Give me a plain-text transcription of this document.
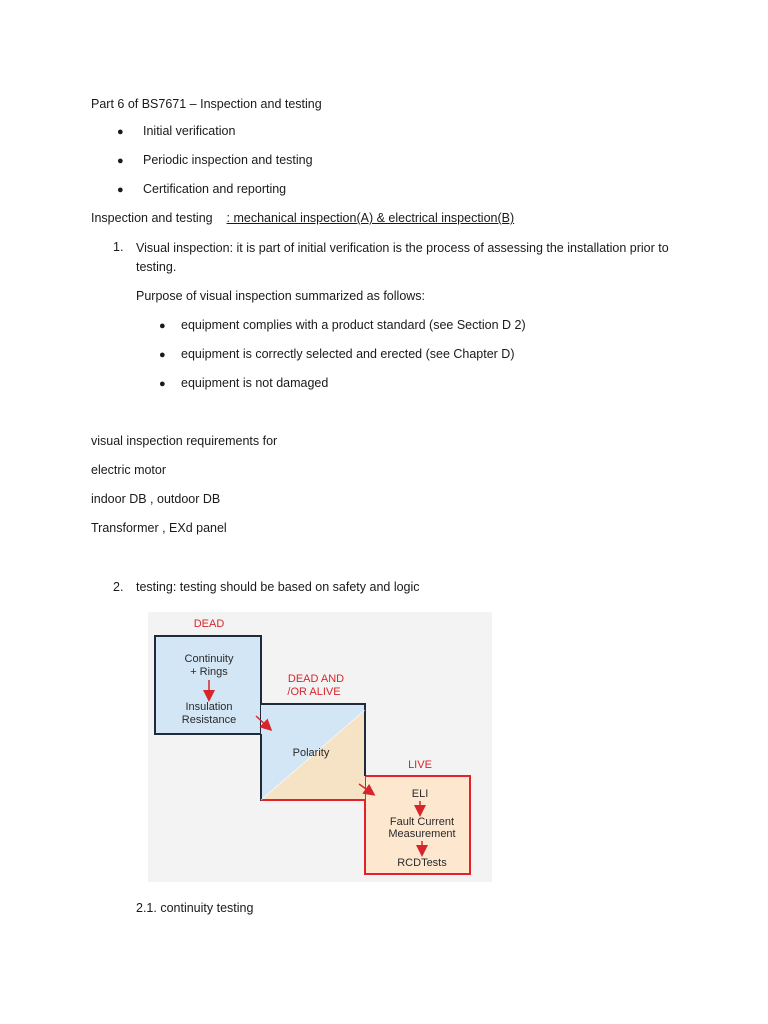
Part 6 of BS7671 – Inspection and testing
● Initial verification
● Periodic inspection and testing
● Certification and reporting
Inspection and testing : mechanical inspection(A) & electrical inspection(B)
1. Visual inspection: it is part of initial verification is the process of assessing the installation prior to testing.
Purpose of visual inspection summarized as follows:
● equipment complies with a product standard (see Section D 2)
● equipment is correctly selected and erected (see Chapter D)
● equipment is not damaged
visual inspection requirements for
electric motor
indoor DB , outdoor DB
Transformer , EXd panel
2. testing: testing should be based on safety and logic
DEAD
DEAD AND
/OR ALIVE
LIVE
Continuity
+ Rings
Insulation
Resistance
Polarity
ELI
Fault Current
Measurement
RCDTests
2.1. continuity testing
